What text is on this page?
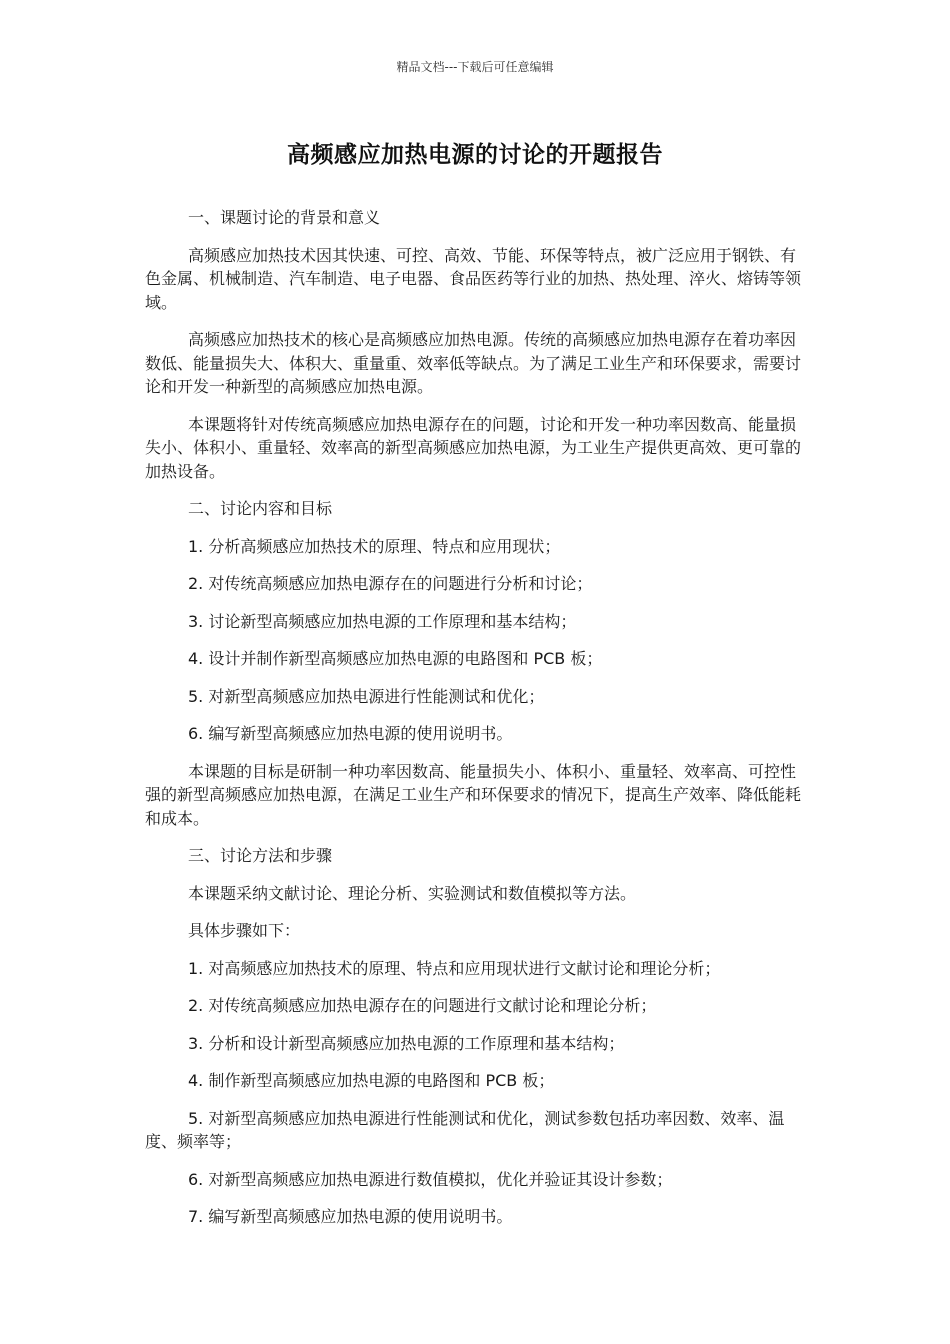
精品文档---下载后可任意编辑
高频感应加热电源的讨论的开题报告

一、课题讨论的背景和意义

高频感应加热技术因其快速、可控、高效、节能、环保等特点，被广泛应用于钢铁、有色金属、机械制造、汽车制造、电子电器、食品医药等行业的加热、热处理、淬火、熔铸等领域。

高频感应加热技术的核心是高频感应加热电源。传统的高频感应加热电源存在着功率因数低、能量损失大、体积大、重量重、效率低等缺点。为了满足工业生产和环保要求，需要讨论和开发一种新型的高频感应加热电源。

本课题将针对传统高频感应加热电源存在的问题，讨论和开发一种功率因数高、能量损失小、体积小、重量轻、效率高的新型高频感应加热电源，为工业生产提供更高效、更可靠的加热设备。

二、讨论内容和目标

1. 分析高频感应加热技术的原理、特点和应用现状；

2. 对传统高频感应加热电源存在的问题进行分析和讨论；

3. 讨论新型高频感应加热电源的工作原理和基本结构；

4. 设计并制作新型高频感应加热电源的电路图和 PCB 板；

5. 对新型高频感应加热电源进行性能测试和优化；

6. 编写新型高频感应加热电源的使用说明书。

本课题的目标是研制一种功率因数高、能量损失小、体积小、重量轻、效率高、可控性强的新型高频感应加热电源，在满足工业生产和环保要求的情况下，提高生产效率、降低能耗和成本。

三、讨论方法和步骤

本课题采纳文献讨论、理论分析、实验测试和数值模拟等方法。

具体步骤如下：

1. 对高频感应加热技术的原理、特点和应用现状进行文献讨论和理论分析；

2. 对传统高频感应加热电源存在的问题进行文献讨论和理论分析；

3. 分析和设计新型高频感应加热电源的工作原理和基本结构；

4. 制作新型高频感应加热电源的电路图和 PCB 板；

5. 对新型高频感应加热电源进行性能测试和优化，测试参数包括功率因数、效率、温度、频率等；

6. 对新型高频感应加热电源进行数值模拟，优化并验证其设计参数；

7. 编写新型高频感应加热电源的使用说明书。
